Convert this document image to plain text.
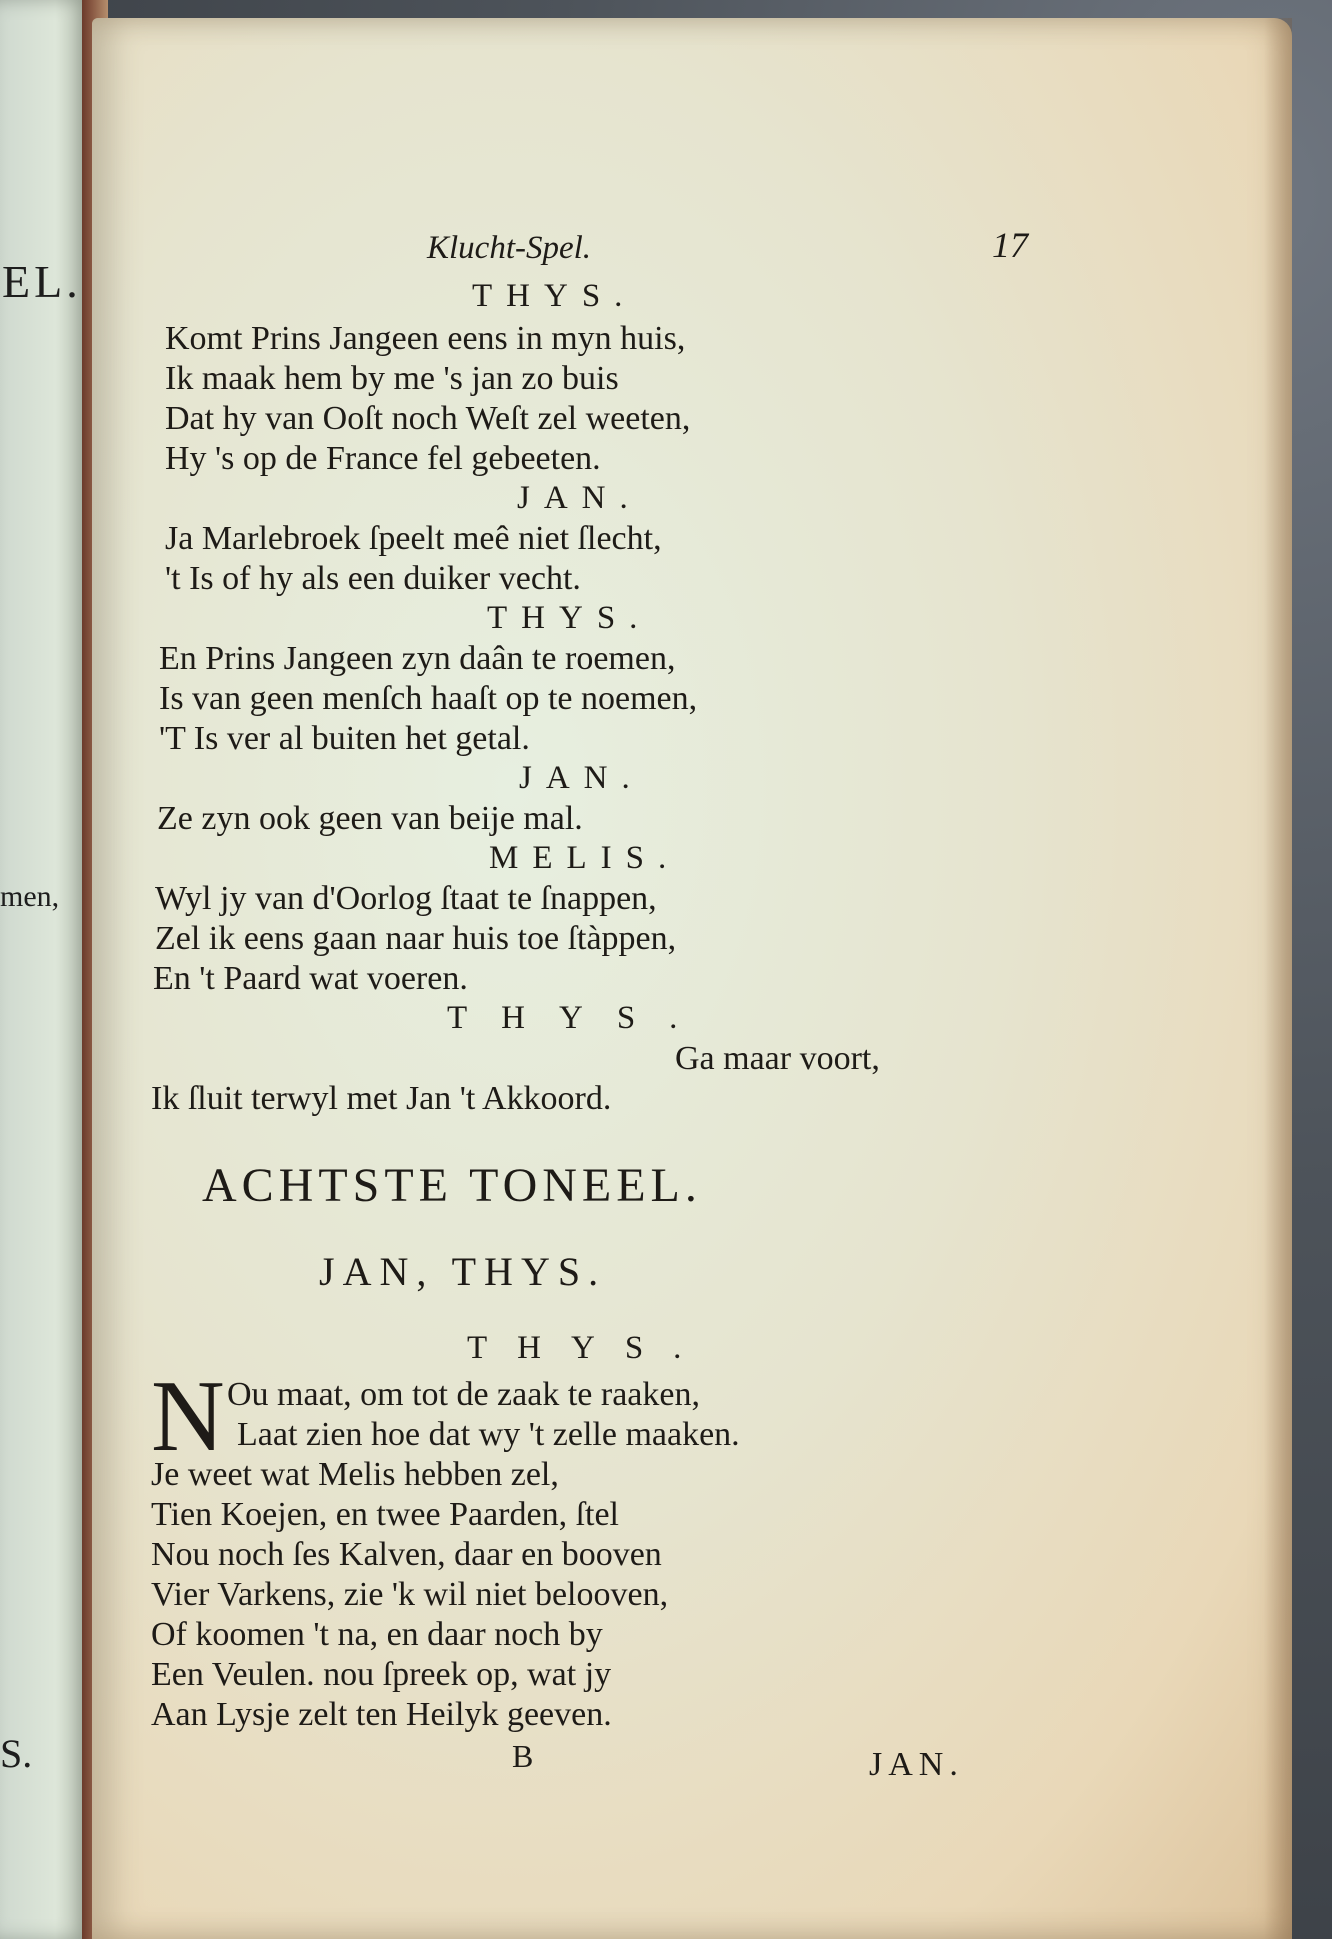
EL.
men,
S.
Klucht-Spel.	17
THYS.
Komt Prins Jangeen eens in myn huis,
Ik maak hem by me 's jan zo buis
Dat hy van Ooſt noch Weſt zel weeten,
Hy 's op de France fel gebeeten.
JAN.
Ja Marlebroek ſpeelt meê niet ſlecht,
't Is of hy als een duiker vecht.
THYS.
En Prins Jangeen zyn daân te roemen,
Is van geen menſch haaſt op te noemen,
'T Is ver al buiten het getal.
JAN.
Ze zyn ook geen van beije mal.
MELIS.
Wyl jy van d'Oorlog ſtaat te ſnappen,
Zel ik eens gaan naar huis toe ſtàppen,
En 't Paard wat voeren.
THYS.
Ga maar voort,
Ik ſluit terwyl met Jan 't Akkoord.
ACHTSTE TONEEL.
JAN, THYS.
THYS.
N Ou maat, om tot de zaak te raaken,
Laat zien hoe dat wy 't zelle maaken.
Je weet wat Melis hebben zel,
Tien Koejen, en twee Paarden, ſtel
Nou noch ſes Kalven, daar en booven
Vier Varkens, zie 'k wil niet belooven,
Of koomen 't na, en daar noch by
Een Veulen. nou ſpreek op, wat jy
Aan Lysje zelt ten Heilyk geeven.
B	JAN.
